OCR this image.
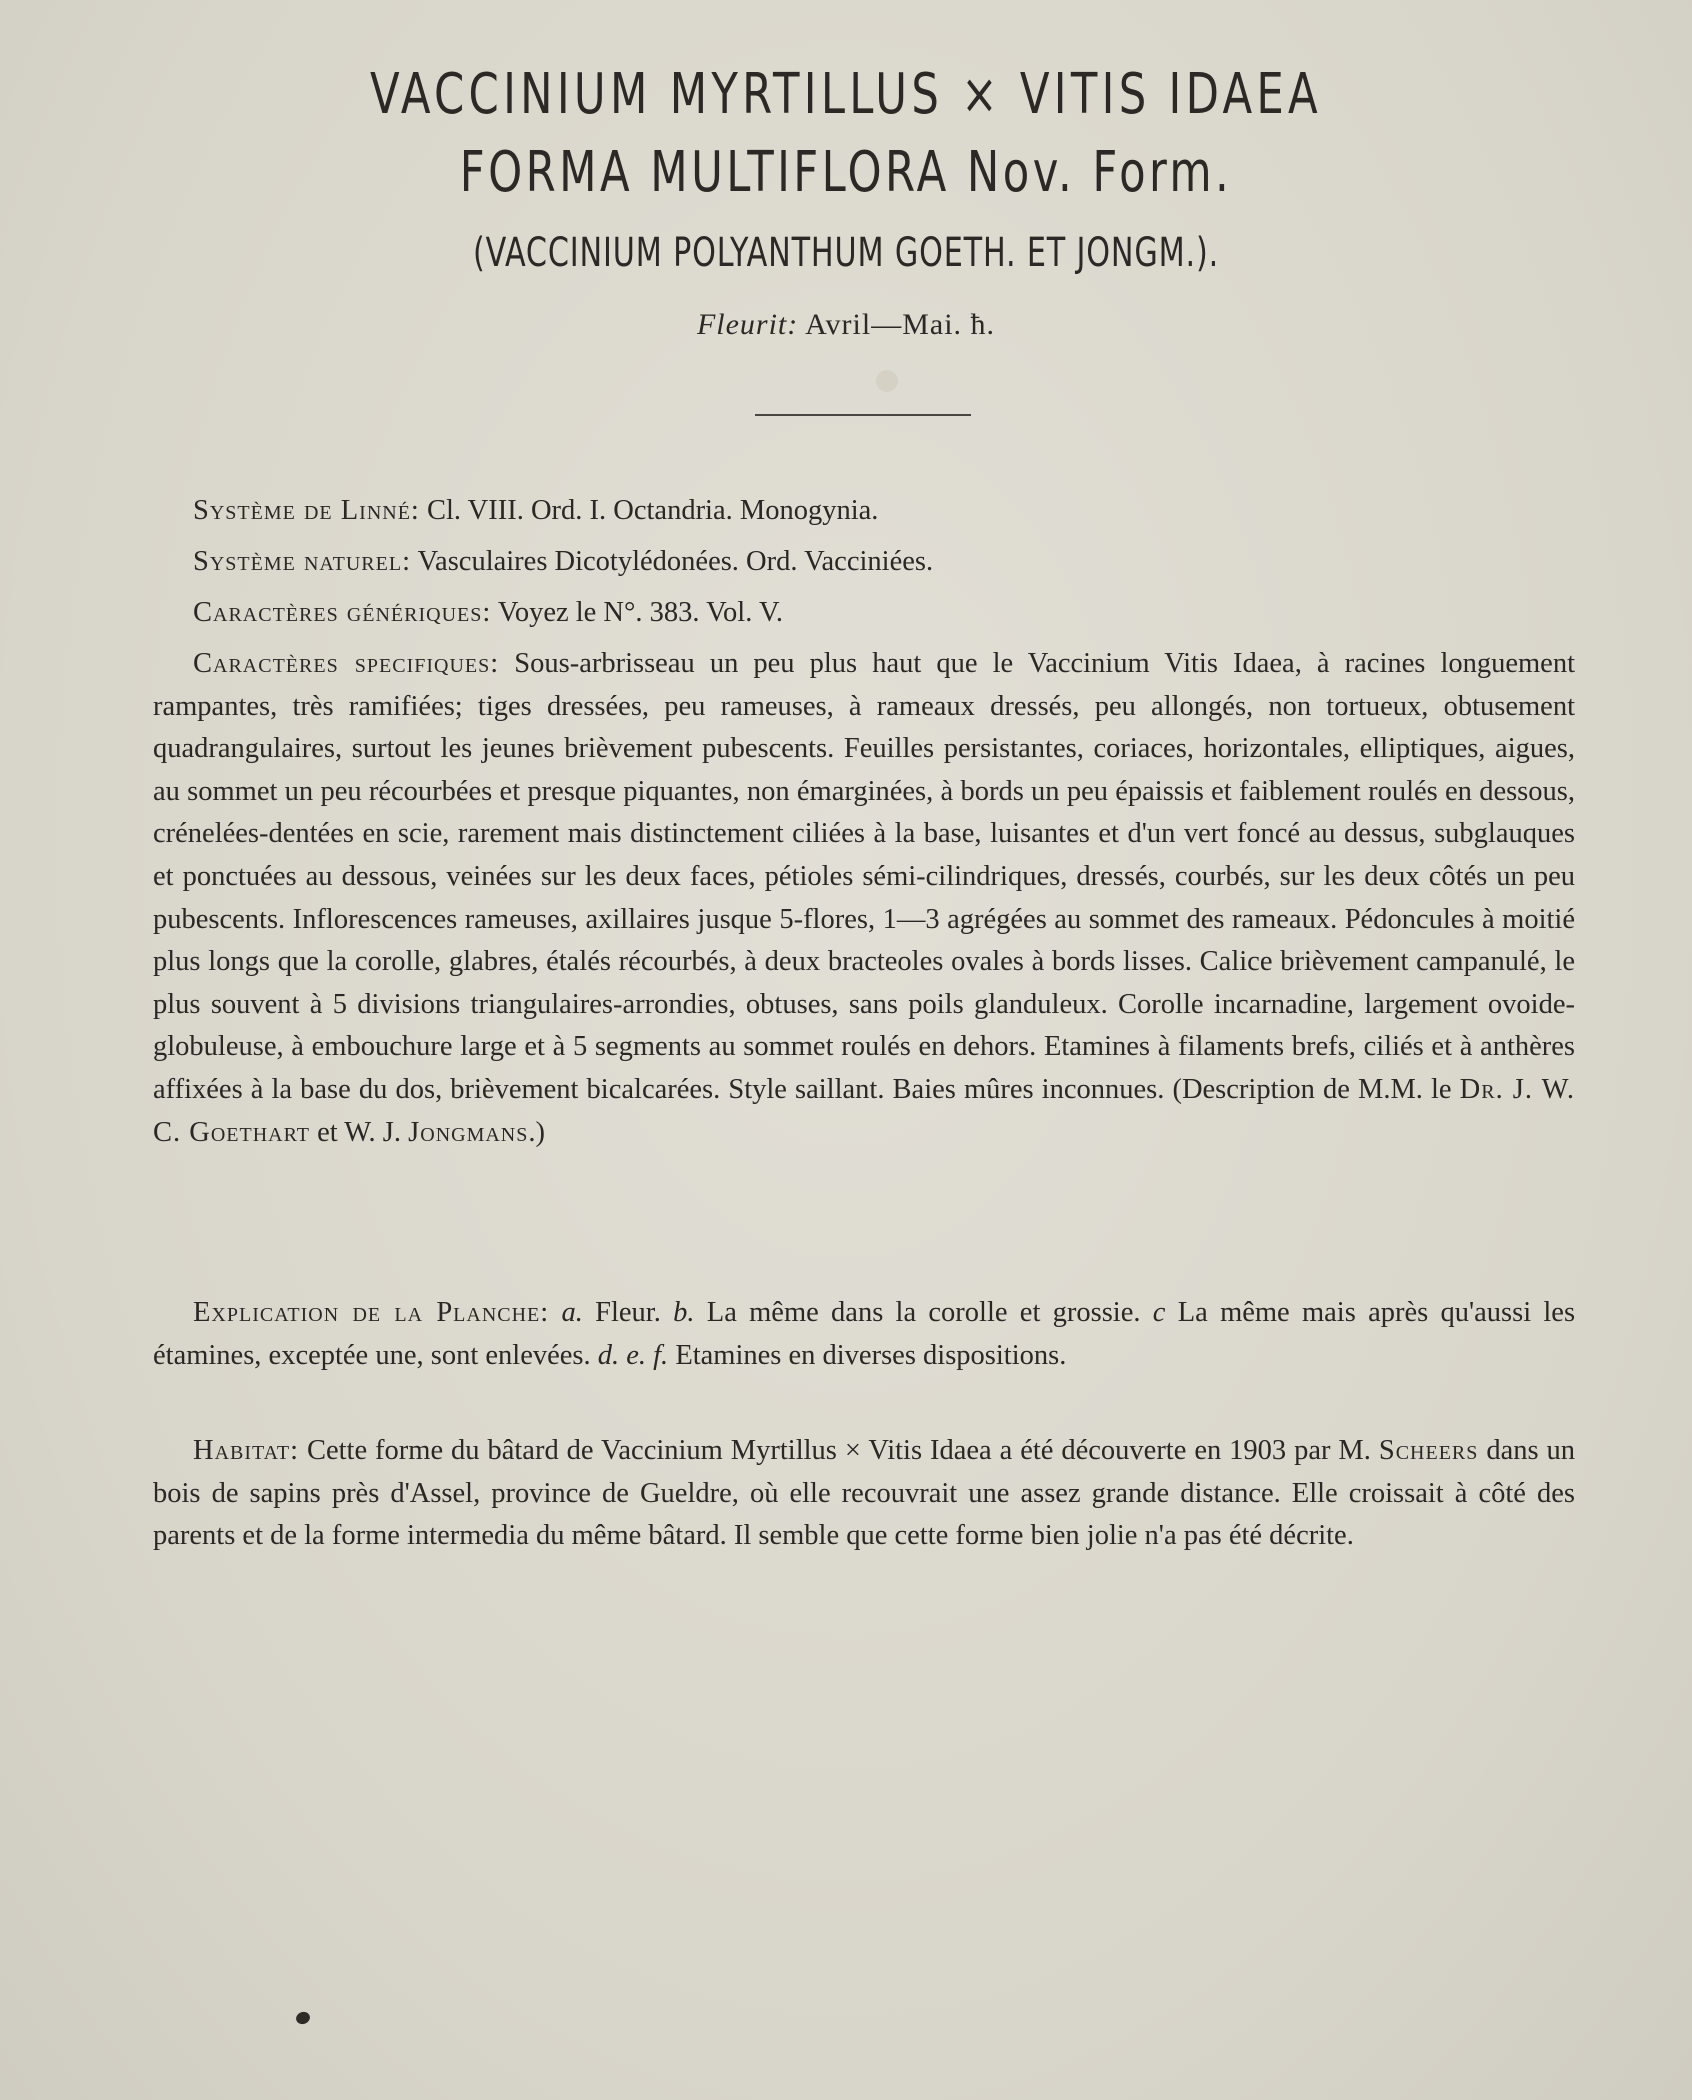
VACCINIUM MYRTILLUS × VITIS IDAEA
FORMA MULTIFLORA Nov. Form.
(VACCINIUM POLYANTHUM GOETH. ET JONGM.).
Fleurit: Avril—Mai. ħ.
Système de Linné: Cl. VIII. Ord. I. Octandria. Monogynia.
Système naturel: Vasculaires Dicotylédonées. Ord. Vacciniées.
Caractères génériques: Voyez le N°. 383. Vol. V.
Caractères specifiques: Sous-arbrisseau un peu plus haut que le Vaccinium Vitis Idaea, à racines longuement rampantes, très ramifiées; tiges dressées, peu rameuses, à rameaux dressés, peu allongés, non tortueux, obtusement quadrangulaires, surtout les jeunes brièvement pubescents. Feuilles persistantes, coriaces, horizontales, elliptiques, aigues, au sommet un peu récourbées et presque piquantes, non émarginées, à bords un peu épaissis et faiblement roulés en dessous, crénelées-dentées en scie, rarement mais distinctement ciliées à la base, luisantes et d'un vert foncé au dessus, subglauques et ponctuées au dessous, veinées sur les deux faces, pétioles sémi-cilindriques, dressés, courbés, sur les deux côtés un peu pubescents. Inflorescences rameuses, axillaires jusque 5-flores, 1—3 agrégées au sommet des rameaux. Pédoncules à moitié plus longs que la corolle, glabres, étalés récourbés, à deux bracteoles ovales à bords lisses. Calice brièvement campanulé, le plus souvent à 5 divisions triangulaires-arrondies, obtuses, sans poils glanduleux. Corolle incarnadine, largement ovoide-globuleuse, à embouchure large et à 5 segments au sommet roulés en dehors. Etamines à filaments brefs, ciliés et à anthères affixées à la base du dos, brièvement bicalcarées. Style saillant. Baies mûres inconnues. (Description de M.M. le Dr. J. W. C. Goethart et W. J. Jongmans.)
Explication de la Planche: a. Fleur. b. La même dans la corolle et grossie. c La même mais après qu'aussi les étamines, exceptée une, sont enlevées. d. e. f. Etamines en diverses dispositions.
Habitat: Cette forme du bâtard de Vaccinium Myrtillus × Vitis Idaea a été découverte en 1903 par M. Scheers dans un bois de sapins près d'Assel, province de Gueldre, où elle recouvrait une assez grande distance. Elle croissait à côté des parents et de la forme intermedia du même bâtard. Il semble que cette forme bien jolie n'a pas été décrite.
